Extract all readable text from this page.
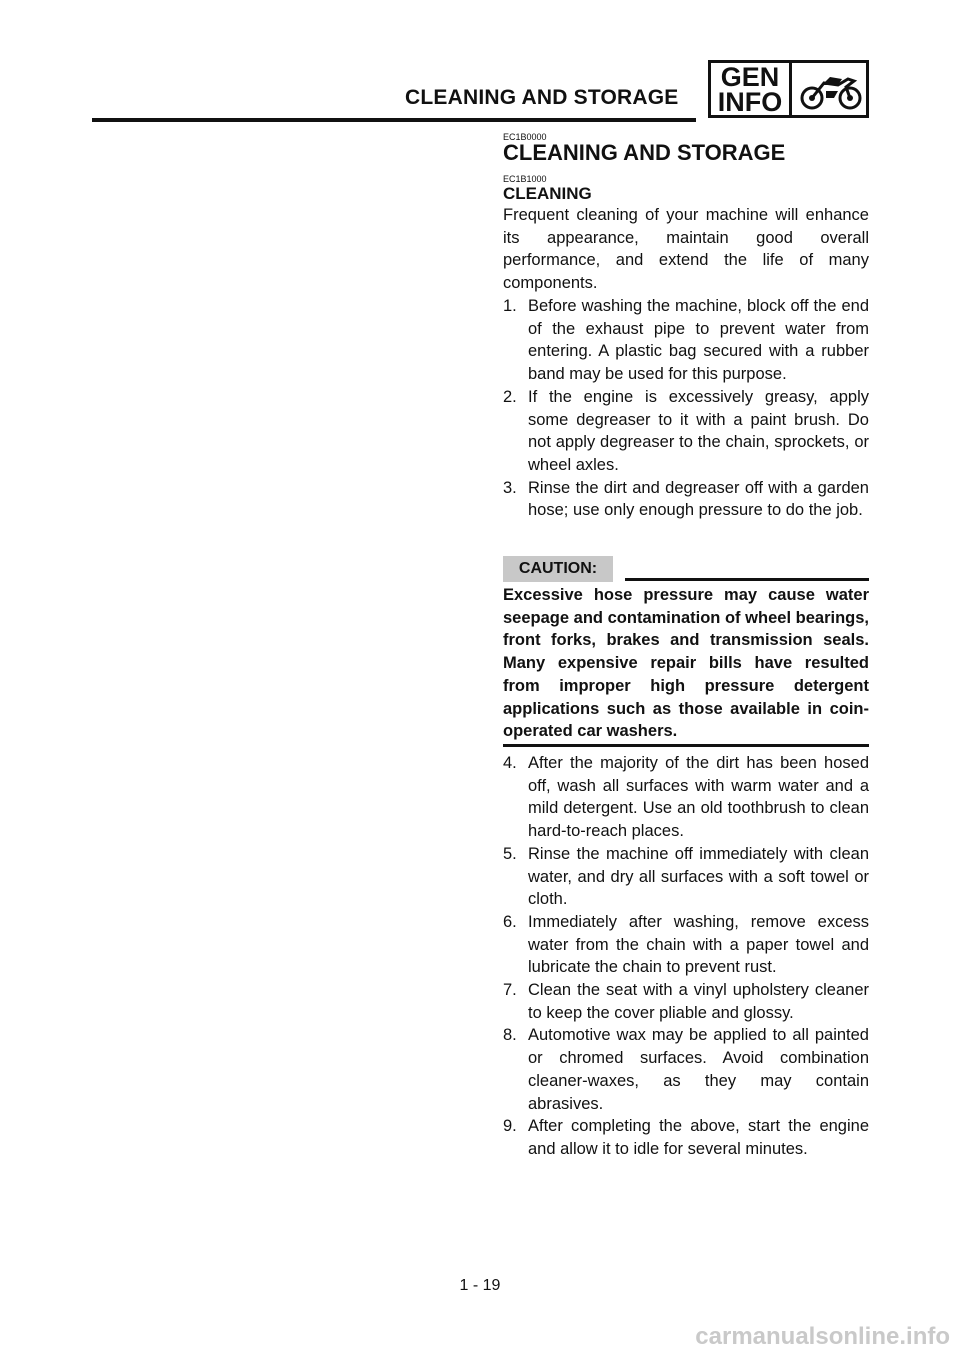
CLEANING AND STORAGE
GEN
INFO
EC1B0000
CLEANING AND STORAGE
EC1B1000
CLEANING
Frequent cleaning of your machine will enhance its appearance, maintain good overall performance, and extend the life of many components.
1. Before washing the machine, block off the end of the exhaust pipe to prevent water from entering. A plastic bag secured with a rubber band may be used for this purpose.
2. If the engine is excessively greasy, apply some degreaser to it with a paint brush. Do not apply degreaser to the chain, sprockets, or wheel axles.
3. Rinse the dirt and degreaser off with a garden hose; use only enough pressure to do the job.
CAUTION:
Excessive hose pressure may cause water seepage and contamination of wheel bearings, front forks, brakes and transmission seals. Many expensive repair bills have resulted from improper high pressure detergent applications such as those available in coin-operated car washers.
4. After the majority of the dirt has been hosed off, wash all surfaces with warm water and a mild detergent. Use an old toothbrush to clean hard-to-reach places.
5. Rinse the machine off immediately with clean water, and dry all surfaces with a soft towel or cloth.
6. Immediately after washing, remove excess water from the chain with a paper towel and lubricate the chain to prevent rust.
7. Clean the seat with a vinyl upholstery cleaner to keep the cover pliable and glossy.
8. Automotive wax may be applied to all painted or chromed surfaces. Avoid combination cleaner-waxes, as they may contain abrasives.
9. After completing the above, start the engine and allow it to idle for several minutes.
1 - 19
carmanualsonline.info
